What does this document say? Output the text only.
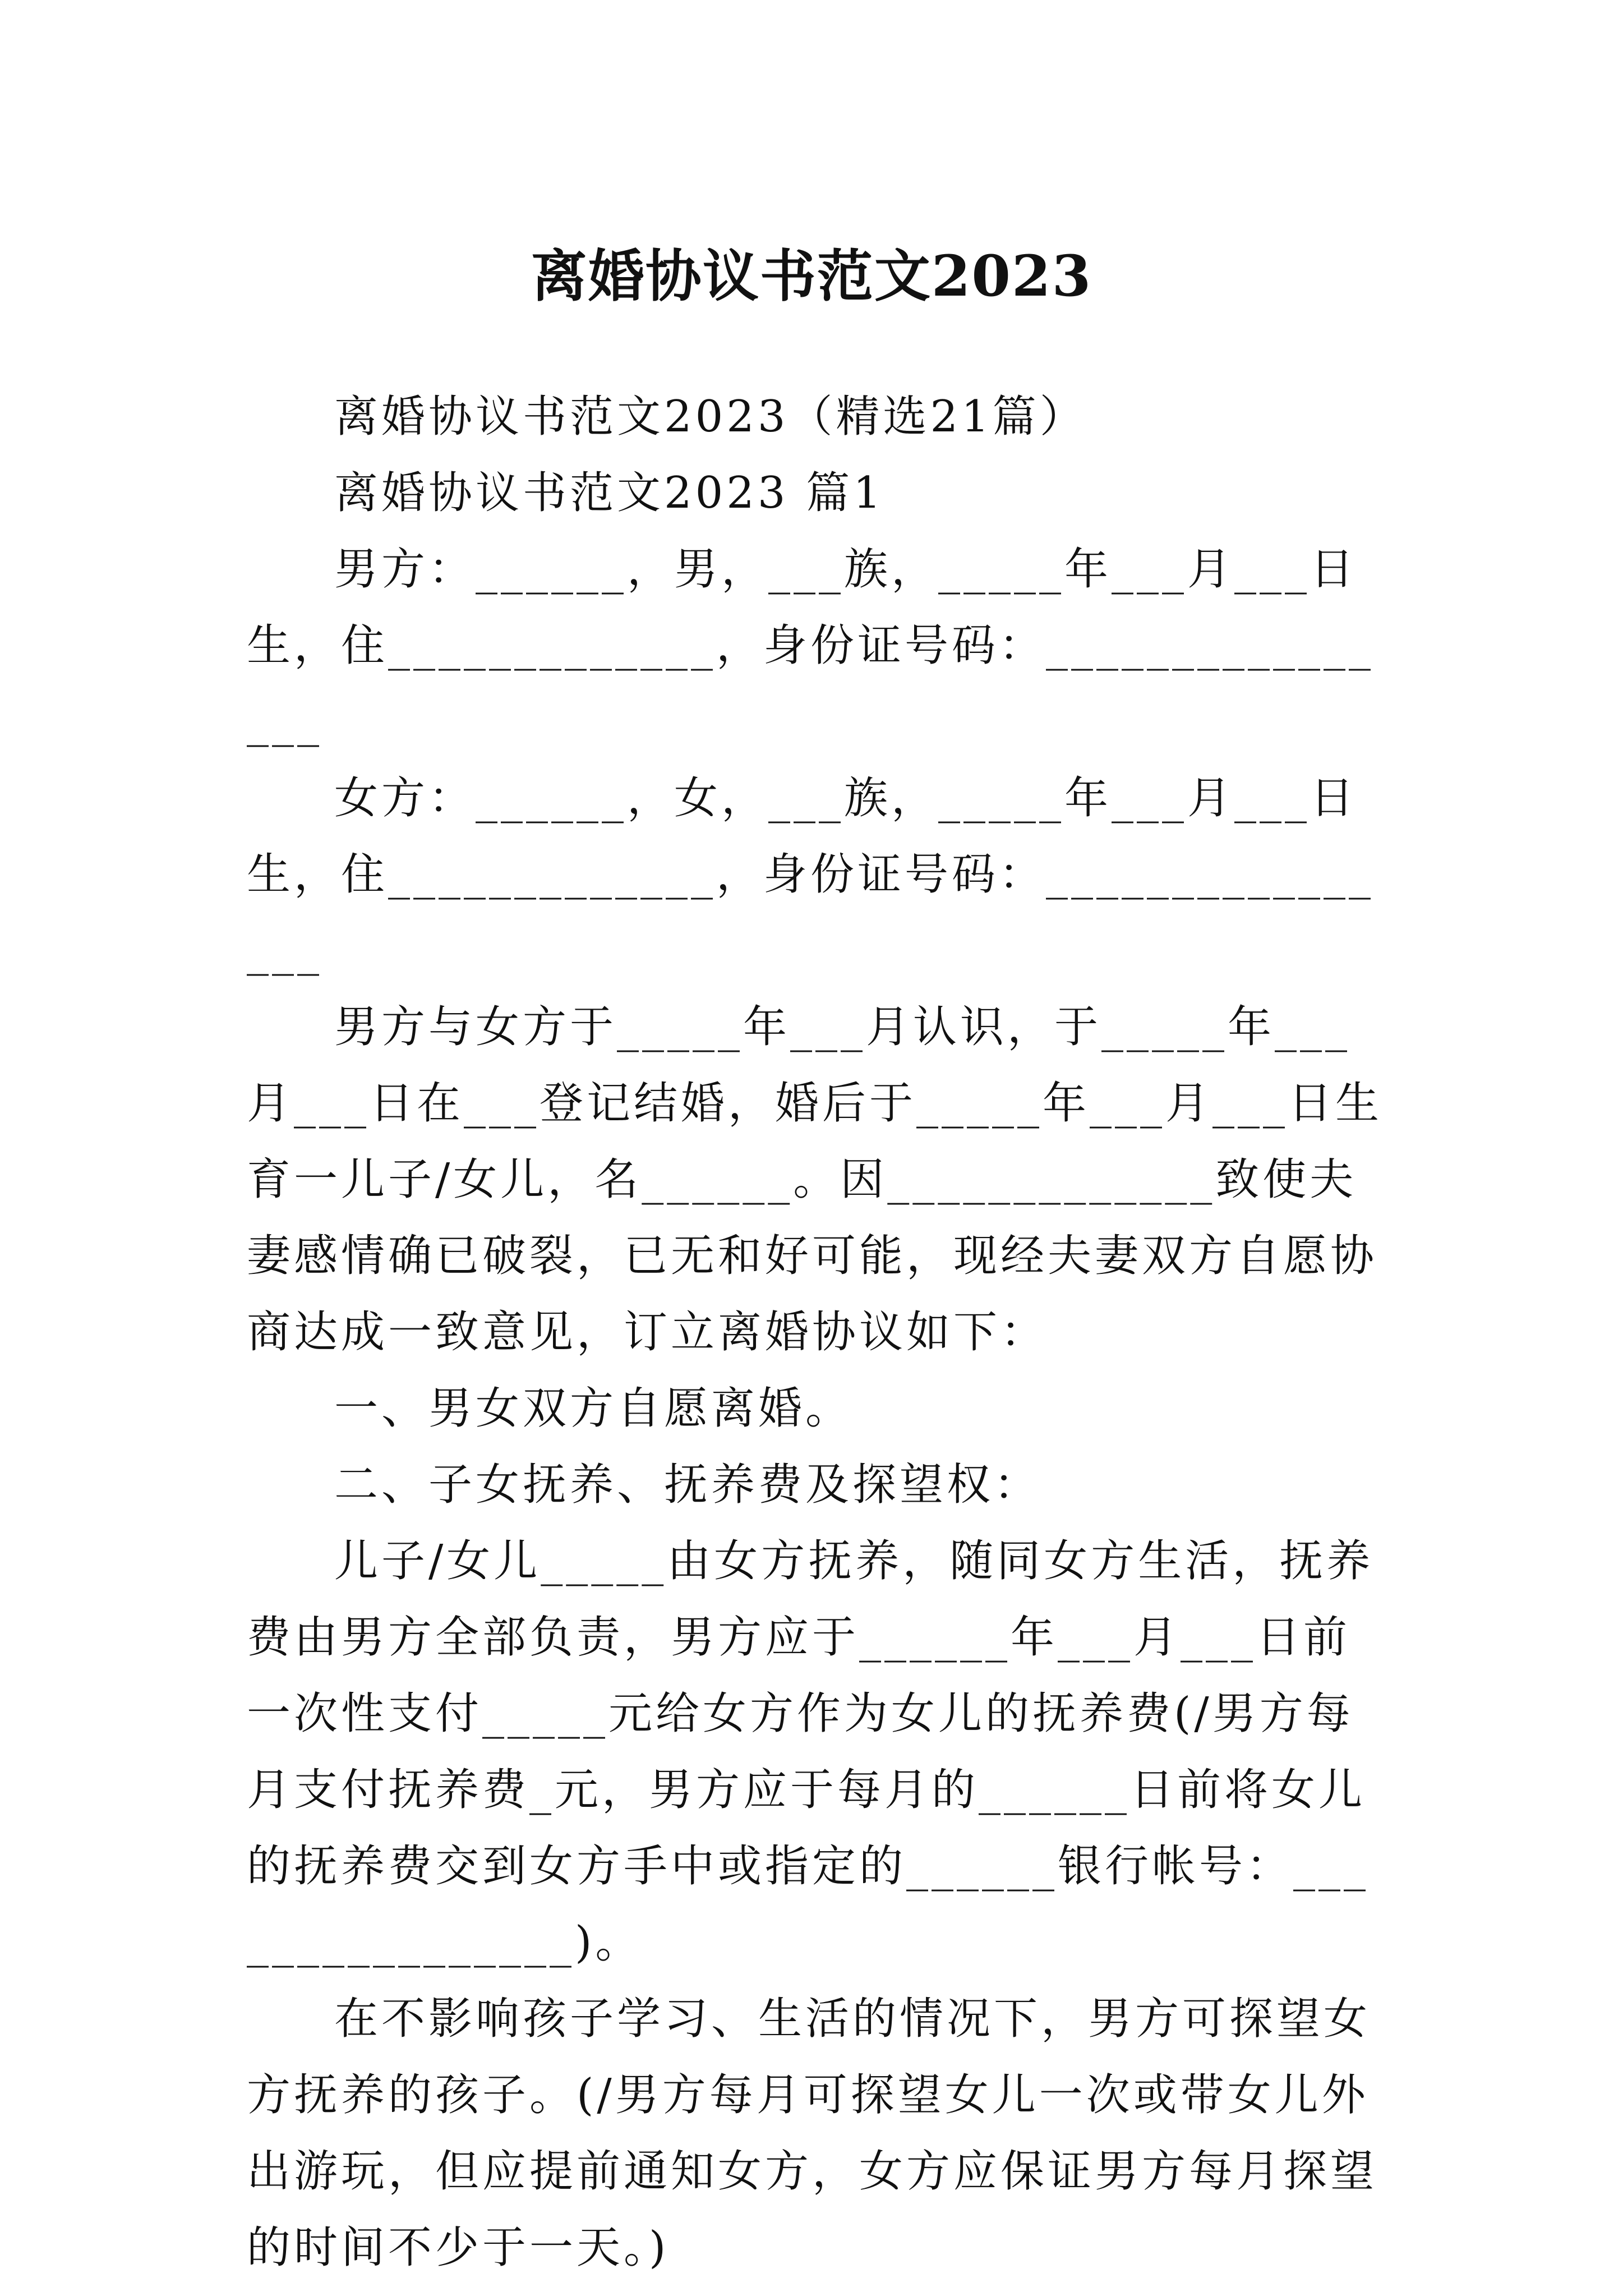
离婚协议书范文2023

离婚协议书范文2023（精选21篇）

离婚协议书范文2023 篇1

男方：______，男，___族，_____年___月___日生，住_____________，身份证号码：________________

女方：______，女，___族，_____年___月___日生，住_____________，身份证号码：________________

男方与女方于_____年___月认识，于_____年___月___日在___登记结婚，婚后于_____年___月___日生育一儿子/女儿，名______。因_____________致使夫妻感情确已破裂，已无和好可能，现经夫妻双方自愿协商达成一致意见，订立离婚协议如下：

一、男女双方自愿离婚。

二、子女抚养、抚养费及探望权：

儿子/女儿_____由女方抚养，随同女方生活，抚养费由男方全部负责，男方应于______年___月___日前一次性支付_____元给女方作为女儿的抚养费(/男方每月支付抚养费_元，男方应于每月的______日前将女儿的抚养费交到女方手中或指定的______银行帐号：________________)。

在不影响孩子学习、生活的情况下，男方可探望女方抚养的孩子。(/男方每月可探望女儿一次或带女儿外出游玩，但应提前通知女方，女方应保证男方每月探望的时间不少于一天。)
